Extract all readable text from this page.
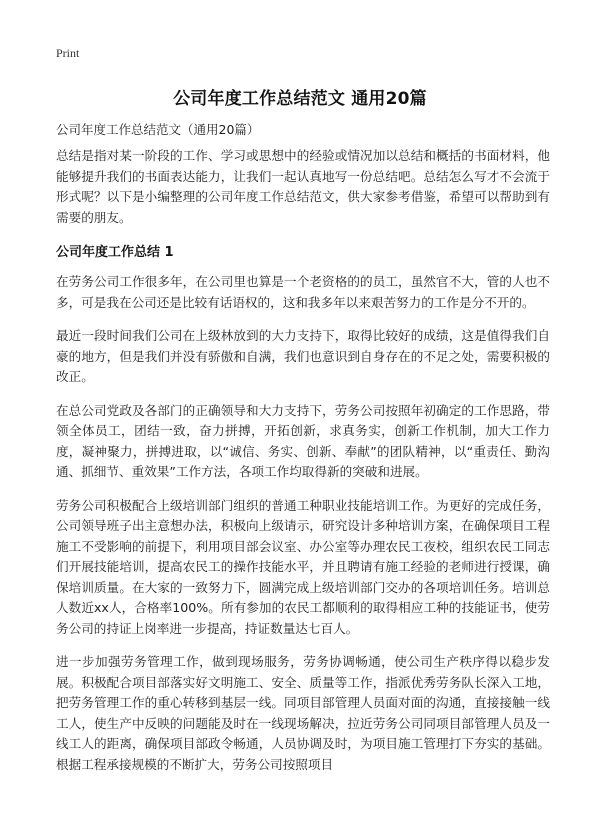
Print
公司年度工作总结范文 通用20篇
公司年度工作总结范文（通用20篇）

总结是指对某一阶段的工作、学习或思想中的经验或情况加以总结和概括的书面材料，他能够提升我们的书面表达能力，让我们一起认真地写一份总结吧。总结怎么写才不会流于形式呢？以下是小编整理的公司年度工作总结范文，供大家参考借鉴，希望可以帮助到有需要的朋友。

公司年度工作总结 1

在劳务公司工作很多年，在公司里也算是一个老资格的的员工，虽然官不大，管的人也不多，可是我在公司还是比较有话语权的，这和我多年以来艰苦努力的工作是分不开的。

最近一段时间我们公司在上级林放到的大力支持下，取得比较好的成绩，这是值得我们自豪的地方，但是我们并没有骄傲和自满，我们也意识到自身存在的不足之处，需要积极的改正。

在总公司党政及各部门的正确领导和大力支持下，劳务公司按照年初确定的工作思路，带领全体员工，团结一致，奋力拼搏，开拓创新，求真务实，创新工作机制，加大工作力度，凝神聚力，拼搏进取，以“诚信、务实、创新、奉献”的团队精神，以“重责任、勤沟通、抓细节、重效果”工作方法，各项工作均取得新的突破和进展。

劳务公司积极配合上级培训部门组织的普通工种职业技能培训工作。为更好的完成任务，公司领导班子出主意想办法，积极向上级请示，研究设计多种培训方案，在确保项目工程施工不受影响的前提下，利用项目部会议室、办公室等办理农民工夜校，组织农民工同志们开展技能培训，提高农民工的操作技能水平，并且聘请有施工经验的老师进行授课，确保培训质量。在大家的一致努力下，圆满完成上级培训部门交办的各项培训任务。培训总人数近xx人，合格率100%。所有参加的农民工都顺利的取得相应工种的技能证书，使劳务公司的持证上岗率进一步提高，持证数量达七百人。

进一步加强劳务管理工作，做到现场服务，劳务协调畅通，使公司生产秩序得以稳步发展。积极配合项目部落实好文明施工、安全、质量等工作，指派优秀劳务队长深入工地，把劳务管理工作的重心转移到基层一线。同项目部管理人员面对面的沟通，直接接触一线工人，使生产中反映的问题能及时在一线现场解决，拉近劳务公司同项目部管理人员及一线工人的距离，确保项目部政令畅通，人员协调及时，为项目施工管理打下夯实的基础。根据工程承接规模的不断扩大，劳务公司按照项目
